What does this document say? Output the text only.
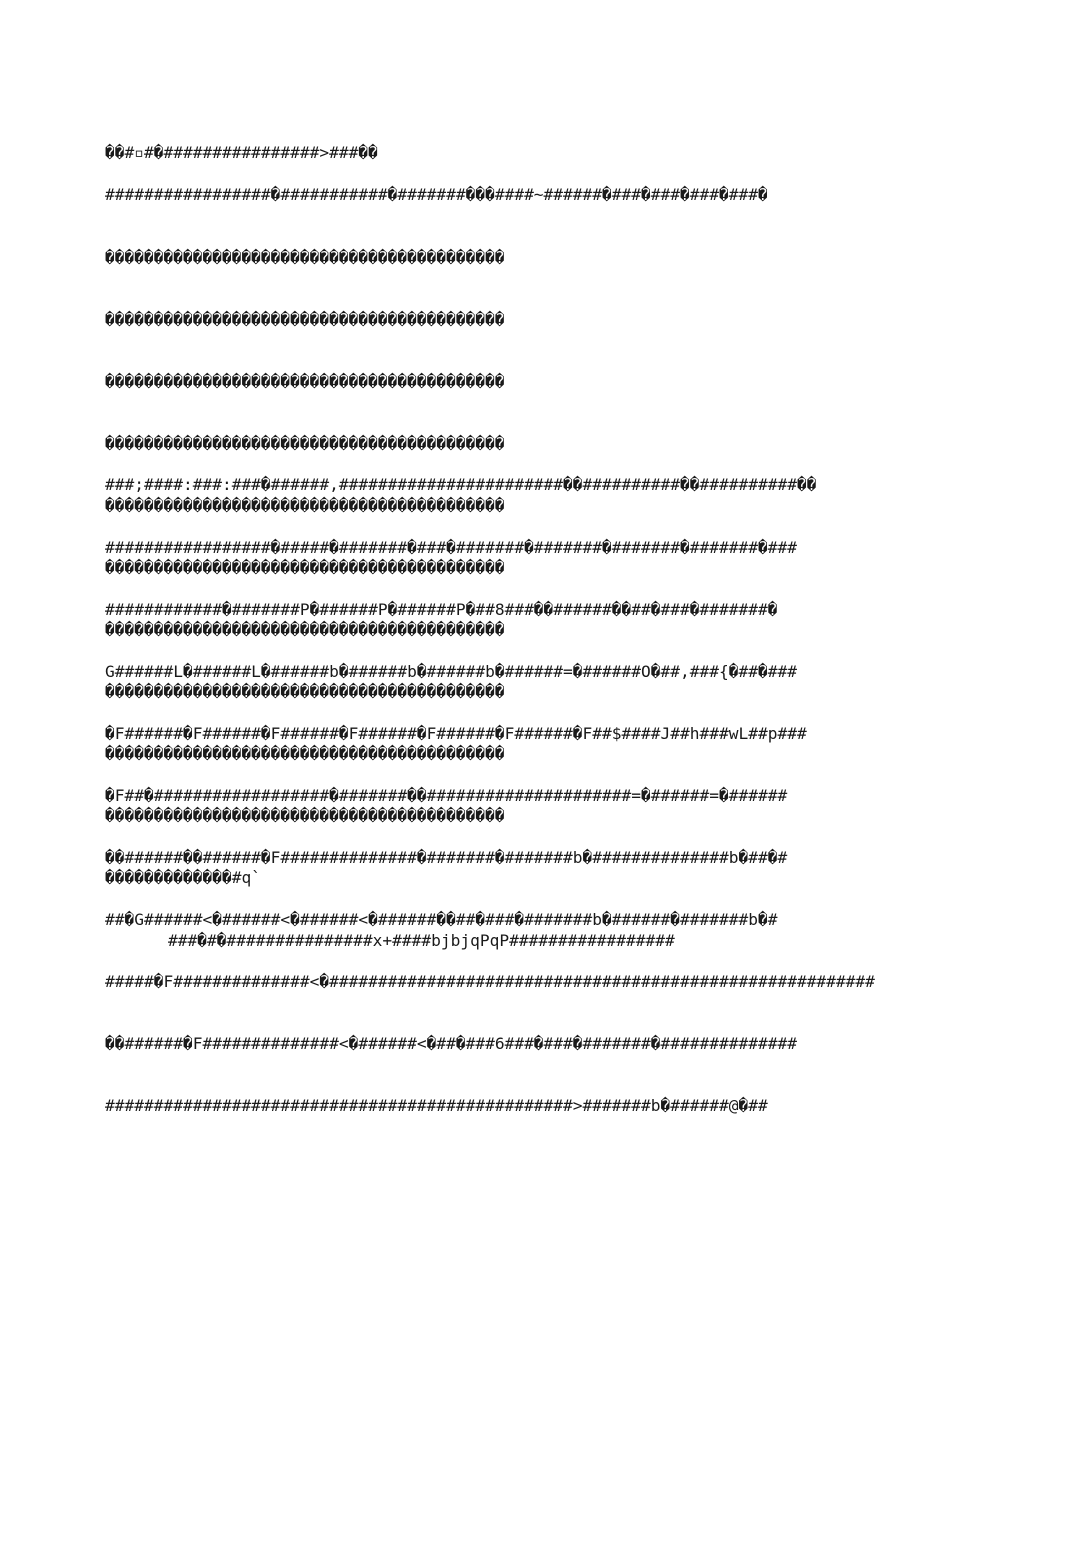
��#▫#�################>###��

#################�###########�#######���####~######�###�###�###�###�

�����������������������������������������

�����������������������������������������

�����������������������������������������

�����������������������������������������

�����������������������������������������

�����������������������������������������

�����������������������������������������

�����������������������������������������

�����������������������������������������

�����������������������������������������

�������������#q`

###�#�###############x+####bjbjqPqP#################

###;####:###:###�######,#######################��##########��##########��

#################�#####�#######�###�#######�#######�#######�#######�###

############�#######P�######P�######P�##8###��######��##�###�#######�

G######L�######L�######b�######b�######b�######=�######O�##,###{�##�###

�F######�F######�F######�F######�F######�F######�F##$####J##h###wL##p###

�F##�##################�#######��#####################=�######=�######

��######��######�F##############�#######�#######b�##############b�##�#

##�G######<�######<�######<�######��##�###�#######b�######�#######b�#

#####�F##############<�########################################################

��######�F##############<�######<�##�###6###�###�#######�##############

################################################>#######b�######@�##
